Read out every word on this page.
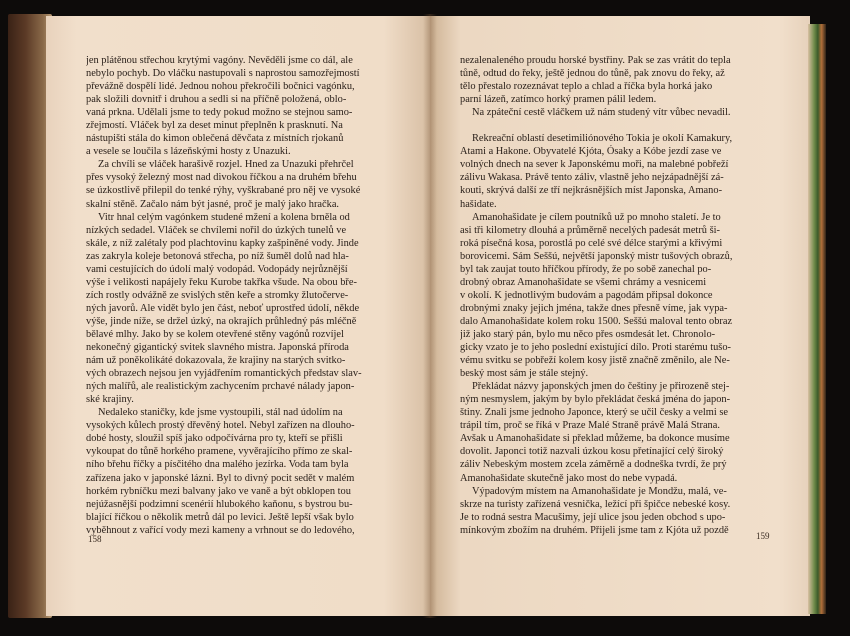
jen plátěnou střechou krytými vagóny. Nevěděli jsme co dál, ale
nebylo pochyb. Do vláčku nastupovali s naprostou samozřejmostí
převážně dospělí lidé. Jednou nohou překročili bočnici vagónku,
pak složili dovnitř i druhou a sedli si na příčně položená, oblo-
vaná prkna. Udělali jsme to tedy pokud možno se stejnou samo-
zřejmostí. Vláček byl za deset minut přeplněn k prasknutí. Na
nástupišti stála do kimon oblečená děvčata z místních rjokanů
a vesele se loučila s lázeňskými hosty z Unazuki.
Za chvíli se vláček harašivě rozjel. Hned za Unazuki přehrčel
přes vysoký železný most nad divokou říčkou a na druhém břehu
se úzkostlivě přilepil do tenké rýhy, vyškrabané pro něj ve vysoké
skalní stěně. Začalo nám být jasné, proč je malý jako hračka.
Vitr hnal celým vagónkem studené mžení a kolena brněla od
nízkých sedadel. Vláček se chvílemi nořil do úzkých tunelů ve
skále, z níž zalétaly pod plachtovinu kapky zašpiněné vody. Jinde
zas zakryla koleje betonová střecha, po níž šuměl dolů nad hla-
vami cestujících do údolí malý vodopád. Vodopády nejrůznější
výše i velikosti napájely řeku Kurobe takřka všude. Na obou bře-
zích rostly odvážně ze svislých stěn keře a stromky žlutočerve-
ných javorů. Ale vidět bylo jen část, neboť uprostřed údolí, někde
výše, jinde níže, se držel úzký, na okrajích průhledný pás mléčně
bělavé mlhy. Jako by se kolem otevřené stěny vagónů rozvíjel
nekonečný gigantický svitek slavného mistra. Japonská příroda
nám už poněkolikáté dokazovala, že krajiny na starých svitko-
vých obrazech nejsou jen vyjádřením romantických představ slav-
ných malířů, ale realistickým zachycením prchavé nálady japon-
ské krajiny.
Nedaleko staničky, kde jsme vystoupili, stál nad údolím na
vysokých kůlech prostý dřevěný hotel. Nebyl zařízen na dlouho-
dobé hosty, sloužil spíš jako odpočívárna pro ty, kteří se přišli
vykoupat do tůně horkého pramene, vyvěrajícího přímo ze skal-
ního břehu říčky a písčitého dna malého jezírka. Voda tam byla
zařízena jako v japonské lázni. Byl to divný pocit sedět v malém
horkém rybníčku mezi balvany jako ve vaně a být obklopen tou
nejúžasnější podzimní scenérií hlubokého kaňonu, s bystrou bu-
blající říčkou o několik metrů dál po levici. Ještě lepší však bylo
vyběhnout z vařící vody mezi kameny a vrhnout se do ledového,
158
nezalenaleného proudu horské bystřiny. Pak se zas vrátit do tepla
tůně, odtud do řeky, ještě jednou do tůně, pak znovu do řeky, až
tělo přestalo rozeznávat teplo a chlad a říčka byla horká jako
parní lázeň, zatímco horký pramen pálil ledem.
Na zpáteční cestě vláčkem už nám studený vítr vůbec nevadil.
Rekreační oblastí desetimiliónového Tokia je okolí Kamakury,
Atami a Hakone. Obyvatelé Kjóta, Ósaky a Kóbe jezdí zase ve
volných dnech na sever k Japonskému moři, na malebné pobřeží
zálivu Wakasa. Právě tento záliv, vlastně jeho nejzápadnější zá-
kouti, skrývá další ze tří nejkrásnějších míst Japonska, Amano-
hašidate.
Amanohašidate je cílem poutníků už po mnoho staletí. Je to
asi tři kilometry dlouhá a průměrně necelých padesát metrů ši-
roká písečná kosa, porostlá po celé své délce starými a křivými
borovicemi. Sám Seššú, největší japonský mistr tušových obrazů,
byl tak zaujat touto hříčkou přírody, že po sobě zanechal po-
drobný obraz Amanohašidate se všemi chrámy a vesnicemi
v okolí. K jednotlivým budovám a pagodám připsal dokonce
drobnými znaky jejich jména, takže dnes přesně víme, jak vypa-
dalo Amanohašidate kolem roku 1500. Seššú maloval tento obraz
již jako starý pán, bylo mu něco přes osmdesát let. Chronolo-
gicky vzato je to jeho poslední existující dílo. Proti starému tušo-
vému svitku se pobřeží kolem kosy jistě značně změnilo, ale Ne-
beský most sám je stále stejný.
Překládat názvy japonských jmen do češtiny je přirozeně stej-
ným nesmyslem, jakým by bylo překládat česká jména do japon-
štiny. Znali jsme jednoho Japonce, který se učil česky a velmi se
trápil tím, proč se říká v Praze Malé Straně právě Malá Strana.
Avšak u Amanohašidate si překlad můžeme, ba dokonce musíme
dovolit. Japonci totiž nazvali úzkou kosu přetínající celý široký
záliv Nebeským mostem zcela záměrně a dodneška tvrdí, že prý
Amanohašidate skutečně jako most do nebe vypadá.
Výpadovým místem na Amanohašidate je Mondžu, malá, ve-
skrze na turisty zařízená vesnička, ležící při špičce nebeské kosy.
Je to rodná sestra Macušimy, její ulice jsou jeden obchod s upo-
mínkovým zbožím na druhém. Přijeli jsme tam z Kjóta už pozdě
159
